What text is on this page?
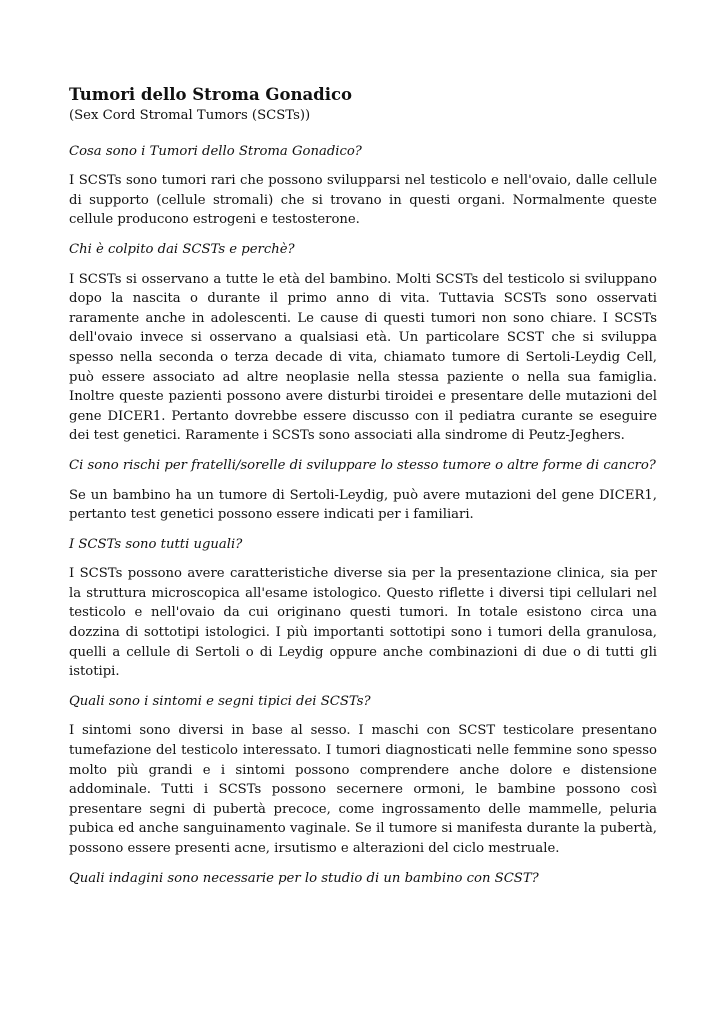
Tumori dello Stroma Gonadico

(Sex Cord Stromal Tumors (SCSTs))

Cosa sono i Tumori dello Stroma Gonadico?

I SCSTs sono tumori rari che possono svilupparsi nel testicolo e nell'ovaio, dalle cellule di supporto (cellule stromali) che si trovano in questi organi. Normalmente queste cellule producono estrogeni e testosterone.

Chi è colpito dai SCSTs e perchè?

I SCSTs si osservano a tutte le età del bambino. Molti SCSTs del testicolo si sviluppano dopo la nascita o durante il primo anno di vita. Tuttavia SCSTs sono osservati raramente anche in adolescenti. Le cause di questi tumori non sono chiare. I SCSTs dell'ovaio invece si osservano a qualsiasi età. Un particolare SCST che si sviluppa spesso nella seconda o terza decade di vita, chiamato tumore di Sertoli-Leydig Cell, può essere associato ad altre neoplasie nella stessa paziente o nella sua famiglia. Inoltre queste pazienti possono avere disturbi tiroidei e presentare delle mutazioni del gene DICER1. Pertanto dovrebbe essere discusso con il pediatra curante se eseguire dei test genetici. Raramente i SCSTs sono associati alla sindrome di Peutz-Jeghers.

Ci sono rischi per fratelli/sorelle di sviluppare lo stesso tumore o altre forme di cancro?

Se un bambino ha un tumore di Sertoli-Leydig, può avere mutazioni del gene DICER1, pertanto test genetici possono essere indicati per i familiari.

I SCSTs sono tutti uguali?

I SCSTs possono avere caratteristiche diverse sia per la presentazione clinica, sia per la struttura microscopica all'esame istologico. Questo riflette i diversi tipi cellulari nel testicolo e nell'ovaio da cui originano questi tumori. In totale esistono circa una dozzina di sottotipi istologici. I più importanti sottotipi sono i tumori della granulosa, quelli a cellule di Sertoli o di Leydig oppure anche combinazioni di due o di tutti gli istotipi.

Quali sono i sintomi e segni tipici dei SCSTs?

I sintomi sono diversi in base al sesso. I maschi con SCST testicolare presentano tumefazione del testicolo interessato. I tumori diagnosticati nelle femmine sono spesso molto più grandi e i sintomi possono comprendere anche dolore e distensione addominale. Tutti i SCSTs possono secernere ormoni, le bambine possono così presentare segni di pubertà precoce, come ingrossamento delle mammelle, peluria pubica ed anche sanguinamento vaginale. Se il tumore si manifesta durante la pubertà, possono essere presenti acne, irsutismo e alterazioni del ciclo mestruale.

Quali indagini sono necessarie per lo studio di un bambino con SCST?
